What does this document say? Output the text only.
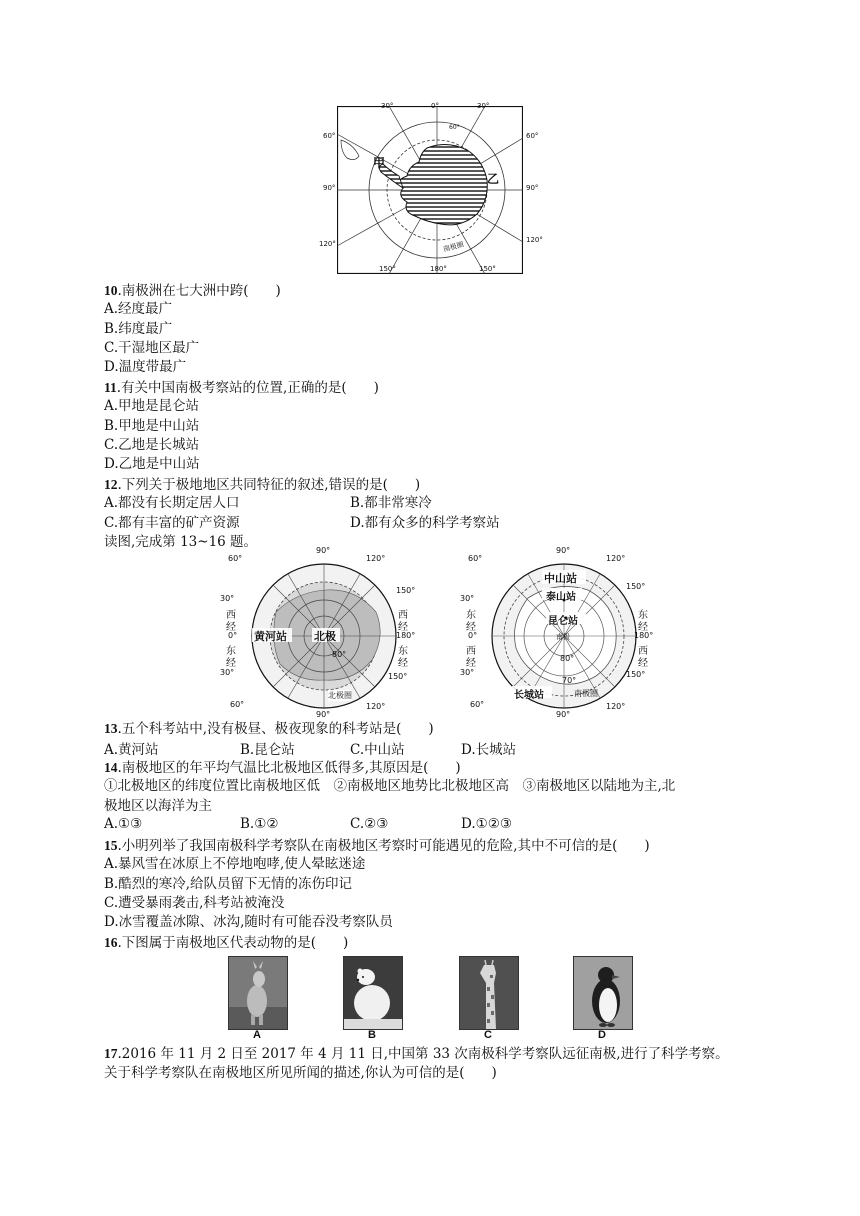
30°	0°	30°
150°	180°	150°
60°
90°
120°
60°
90°
120°
60°
甲
乙
南极圈
10.南极洲在七大洲中跨(　　)
A.经度最广
B.纬度最广
C.干湿地区最广
D.温度带最广
11.有关中国南极考察站的位置,正确的是(　　)
A.甲地是昆仑站
B.甲地是中山站
C.乙地是长城站
D.乙地是中山站
12.下列关于极地地区共同特征的叙述,错误的是(　　)
A.都没有长期定居人口	B.都非常寒冷
C.都有丰富的矿产资源	D.都有众多的科学考察站
读图,完成第 13~16 题。
90°
120°
90°
120°
60°
30°
西
经
0°
东
经
30°
60°
150°
西
经
180°
东
经
150°
黄河站 北极
80°
北极圈
90°
120°
90°
120°
60°
30°
东
经
0°
西
经
30°
60°
150°
东
经
180°
西
经
150°
中山站
泰山站
昆仑站
南极
80°
70°
长城站	南极圈
13.五个科考站中,没有极昼、极夜现象的科考站是(　　)
A.黄河站	B.昆仑站	C.中山站	D.长城站
14.南极地区的年平均气温比北极地区低得多,其原因是(　　)
①北极地区的纬度位置比南极地区低　②南极地区地势比北极地区高　③南极地区以陆地为主,北
极地区以海洋为主
A.①③	B.①②	C.②③	D.①②③
15.小明列举了我国南极科学考察队在南极地区考察时可能遇见的危险,其中不可信的是(　　)
A.暴风雪在冰原上不停地咆哮,使人晕眩迷途
B.酷烈的寒冷,给队员留下无情的冻伤印记
C.遭受暴雨袭击,科考站被淹没
D.冰雪覆盖冰隙、冰沟,随时有可能吞没考察队员
16.下图属于南极地区代表动物的是(　　)
A	B	C	D
17.2016 年 11 月 2 日至 2017 年 4 月 11 日,中国第 33 次南极科学考察队远征南极,进行了科学考察。
关于科学考察队在南极地区所见所闻的描述,你认为可信的是(　　)
